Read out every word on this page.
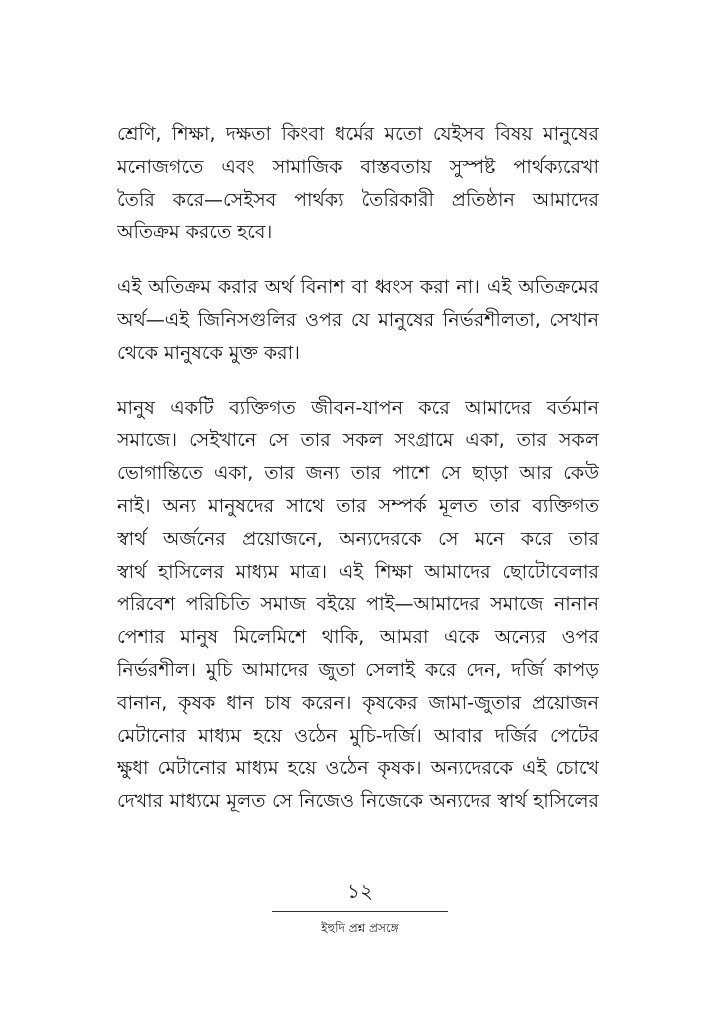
শ্রেণি, শিক্ষা, দক্ষতা কিংবা ধর্মের মতো যেইসব বিষয় মানুষের
মনোজগতে এবং সামাজিক বাস্তবতায় সুস্পষ্ট পার্থক্যরেখা
তৈরি করে—সেইসব পার্থক্য তৈরিকারী প্রতিষ্ঠান আমাদের
অতিক্রম করতে হবে।

এই অতিক্রম করার অর্থ বিনাশ বা ধ্বংস করা না। এই অতিক্রমের
অর্থ—এই জিনিসগুলির ওপর যে মানুষের নির্ভরশীলতা, সেখান
থেকে মানুষকে মুক্ত করা।

মানুষ একটি ব্যক্তিগত জীবন-যাপন করে আমাদের বর্তমান
সমাজে। সেইখানে সে তার সকল সংগ্রামে একা, তার সকল
ভোগান্তিতে একা, তার জন্য তার পাশে সে ছাড়া আর কেউ
নাই। অন্য মানুষদের সাথে তার সম্পর্ক মূলত তার ব্যক্তিগত
স্বার্থ অর্জনের প্রয়োজনে, অন্যদেরকে সে মনে করে তার
স্বার্থ হাসিলের মাধ্যম মাত্র। এই শিক্ষা আমাদের ছোটোবেলার
পরিবেশ পরিচিতি সমাজ বইয়ে পাই—আমাদের সমাজে নানান
পেশার মানুষ মিলেমিশে থাকি, আমরা একে অন্যের ওপর
নির্ভরশীল। মুচি আমাদের জুতা সেলাই করে দেন, দর্জি কাপড়
বানান, কৃষক ধান চাষ করেন। কৃষকের জামা-জুতার প্রয়োজন
মেটানোর মাধ্যম হয়ে ওঠেন মুচি-দর্জি। আবার দর্জির পেটের
ক্ষুধা মেটানোর মাধ্যম হয়ে ওঠেন কৃষক। অন্যদেরকে এই চোখে
দেখার মাধ্যমে মূলত সে নিজেও নিজেকে অন্যদের স্বার্থ হাসিলের

১২
ইহুদি প্রশ্ন প্রসঙ্গে
